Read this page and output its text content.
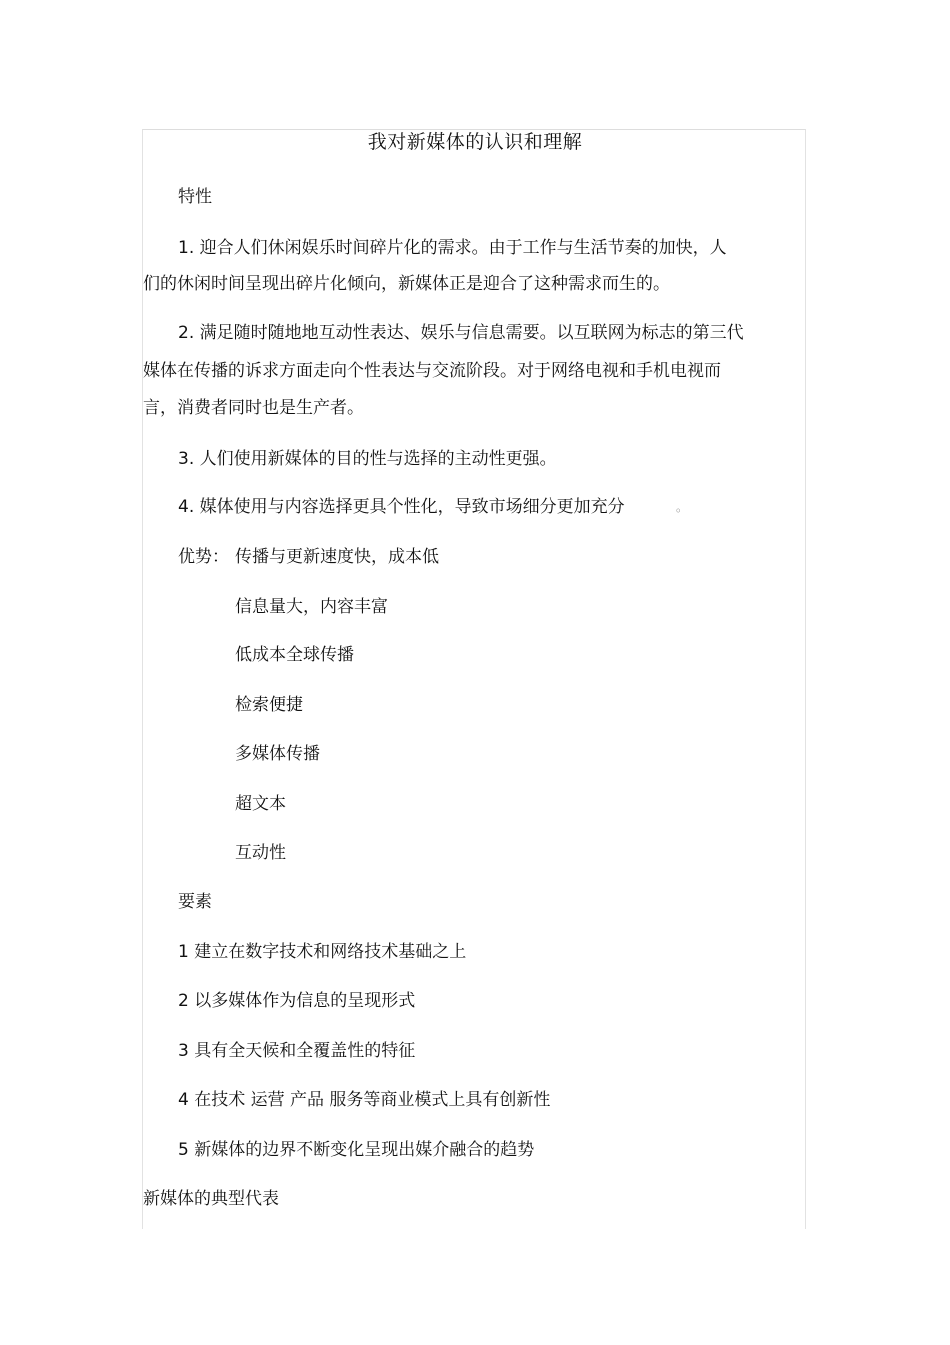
我对新媒体的认识和理解
特性
1. 迎合人们休闲娱乐时间碎片化的需求。由于工作与生活节奏的加快，人
们的休闲时间呈现出碎片化倾向，新媒体正是迎合了这种需求而生的。
2. 满足随时随地地互动性表达、娱乐与信息需要。以互联网为标志的第三代
媒体在传播的诉求方面走向个性表达与交流阶段。对于网络电视和手机电视而
言，消费者同时也是生产者。
3. 人们使用新媒体的目的性与选择的主动性更强。
4. 媒体使用与内容选择更具个性化，导致市场细分更加充分	。
优势： 传播与更新速度快，成本低
信息量大，内容丰富
低成本全球传播
检索便捷
多媒体传播
超文本
互动性
要素
1 建立在数字技术和网络技术基础之上
2 以多媒体作为信息的呈现形式
3 具有全天候和全覆盖性的特征
4 在技术 运营 产品 服务等商业模式上具有创新性
5 新媒体的边界不断变化呈现出媒介融合的趋势
新媒体的典型代表
